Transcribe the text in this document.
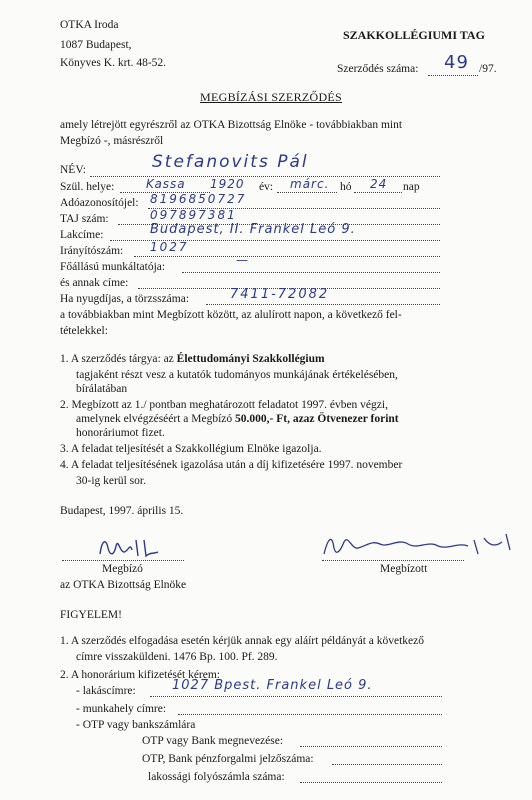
OTKA Iroda
1087 Budapest,
Könyves K. krt. 48-52.
SZAKKOLLÉGIUMI TAG
Szerződés száma: 49 /97.
MEGBÍZÁSI SZERZŐDÉS
amely létrejött egyrészről az OTKA Bizottság Elnöke - továbbiakban mint
Megbízó -, másrészről
NÉV:	Stefanovits Pál
Szül. helye:	Kassa 1920 év: márc. hó 24 nap
Adóazonosítójel: 8196850727
TAJ szám:	097897381
Lakcíme:	Budapest, II. Frankel Leó 9.
Irányítószám: 1027
Főállású munkáltatója:	—
és annak címe:
Ha nyugdíjas, a törzsszáma:	7411-72082
a továbbiakban mint Megbízott között, az alulírott napon, a következő fel-
tételekkel:
1. A szerződés tárgya: az Élettudományi Szakkollégium
tagjaként részt vesz a kutatók tudományos munkájának értékelésében,
bírálatában
2. Megbízott az 1./ pontban meghatározott feladatot 1997. évben végzi,
amelynek elvégzéséért a Megbízó 50.000,- Ft, azaz Ötvenezer forint
honoráriumot fizet.
3. A feladat teljesítését a Szakkollégium Elnöke igazolja.
4. A feladat teljesítésének igazolása után a díj kifizetésére 1997. november
30-ig kerül sor.
Budapest, 1997. április 15.
Megbízó
az OTKA Bizottság Elnöke
Megbízott
FIGYELEM!
1. A szerződés elfogadása esetén kérjük annak egy aláírt példányát a következő
címre visszaküldeni. 1476 Bp. 100. Pf. 289.
2. A honorárium kifizetését kérem:
- lakáscímre:	1027 Bpest. Frankel Leó 9.
- munkahely címre:
- OTP vagy bankszámlára
OTP vagy Bank megnevezése:
OTP, Bank pénzforgalmi jelzőszáma:
lakossági folyószámla száma:
